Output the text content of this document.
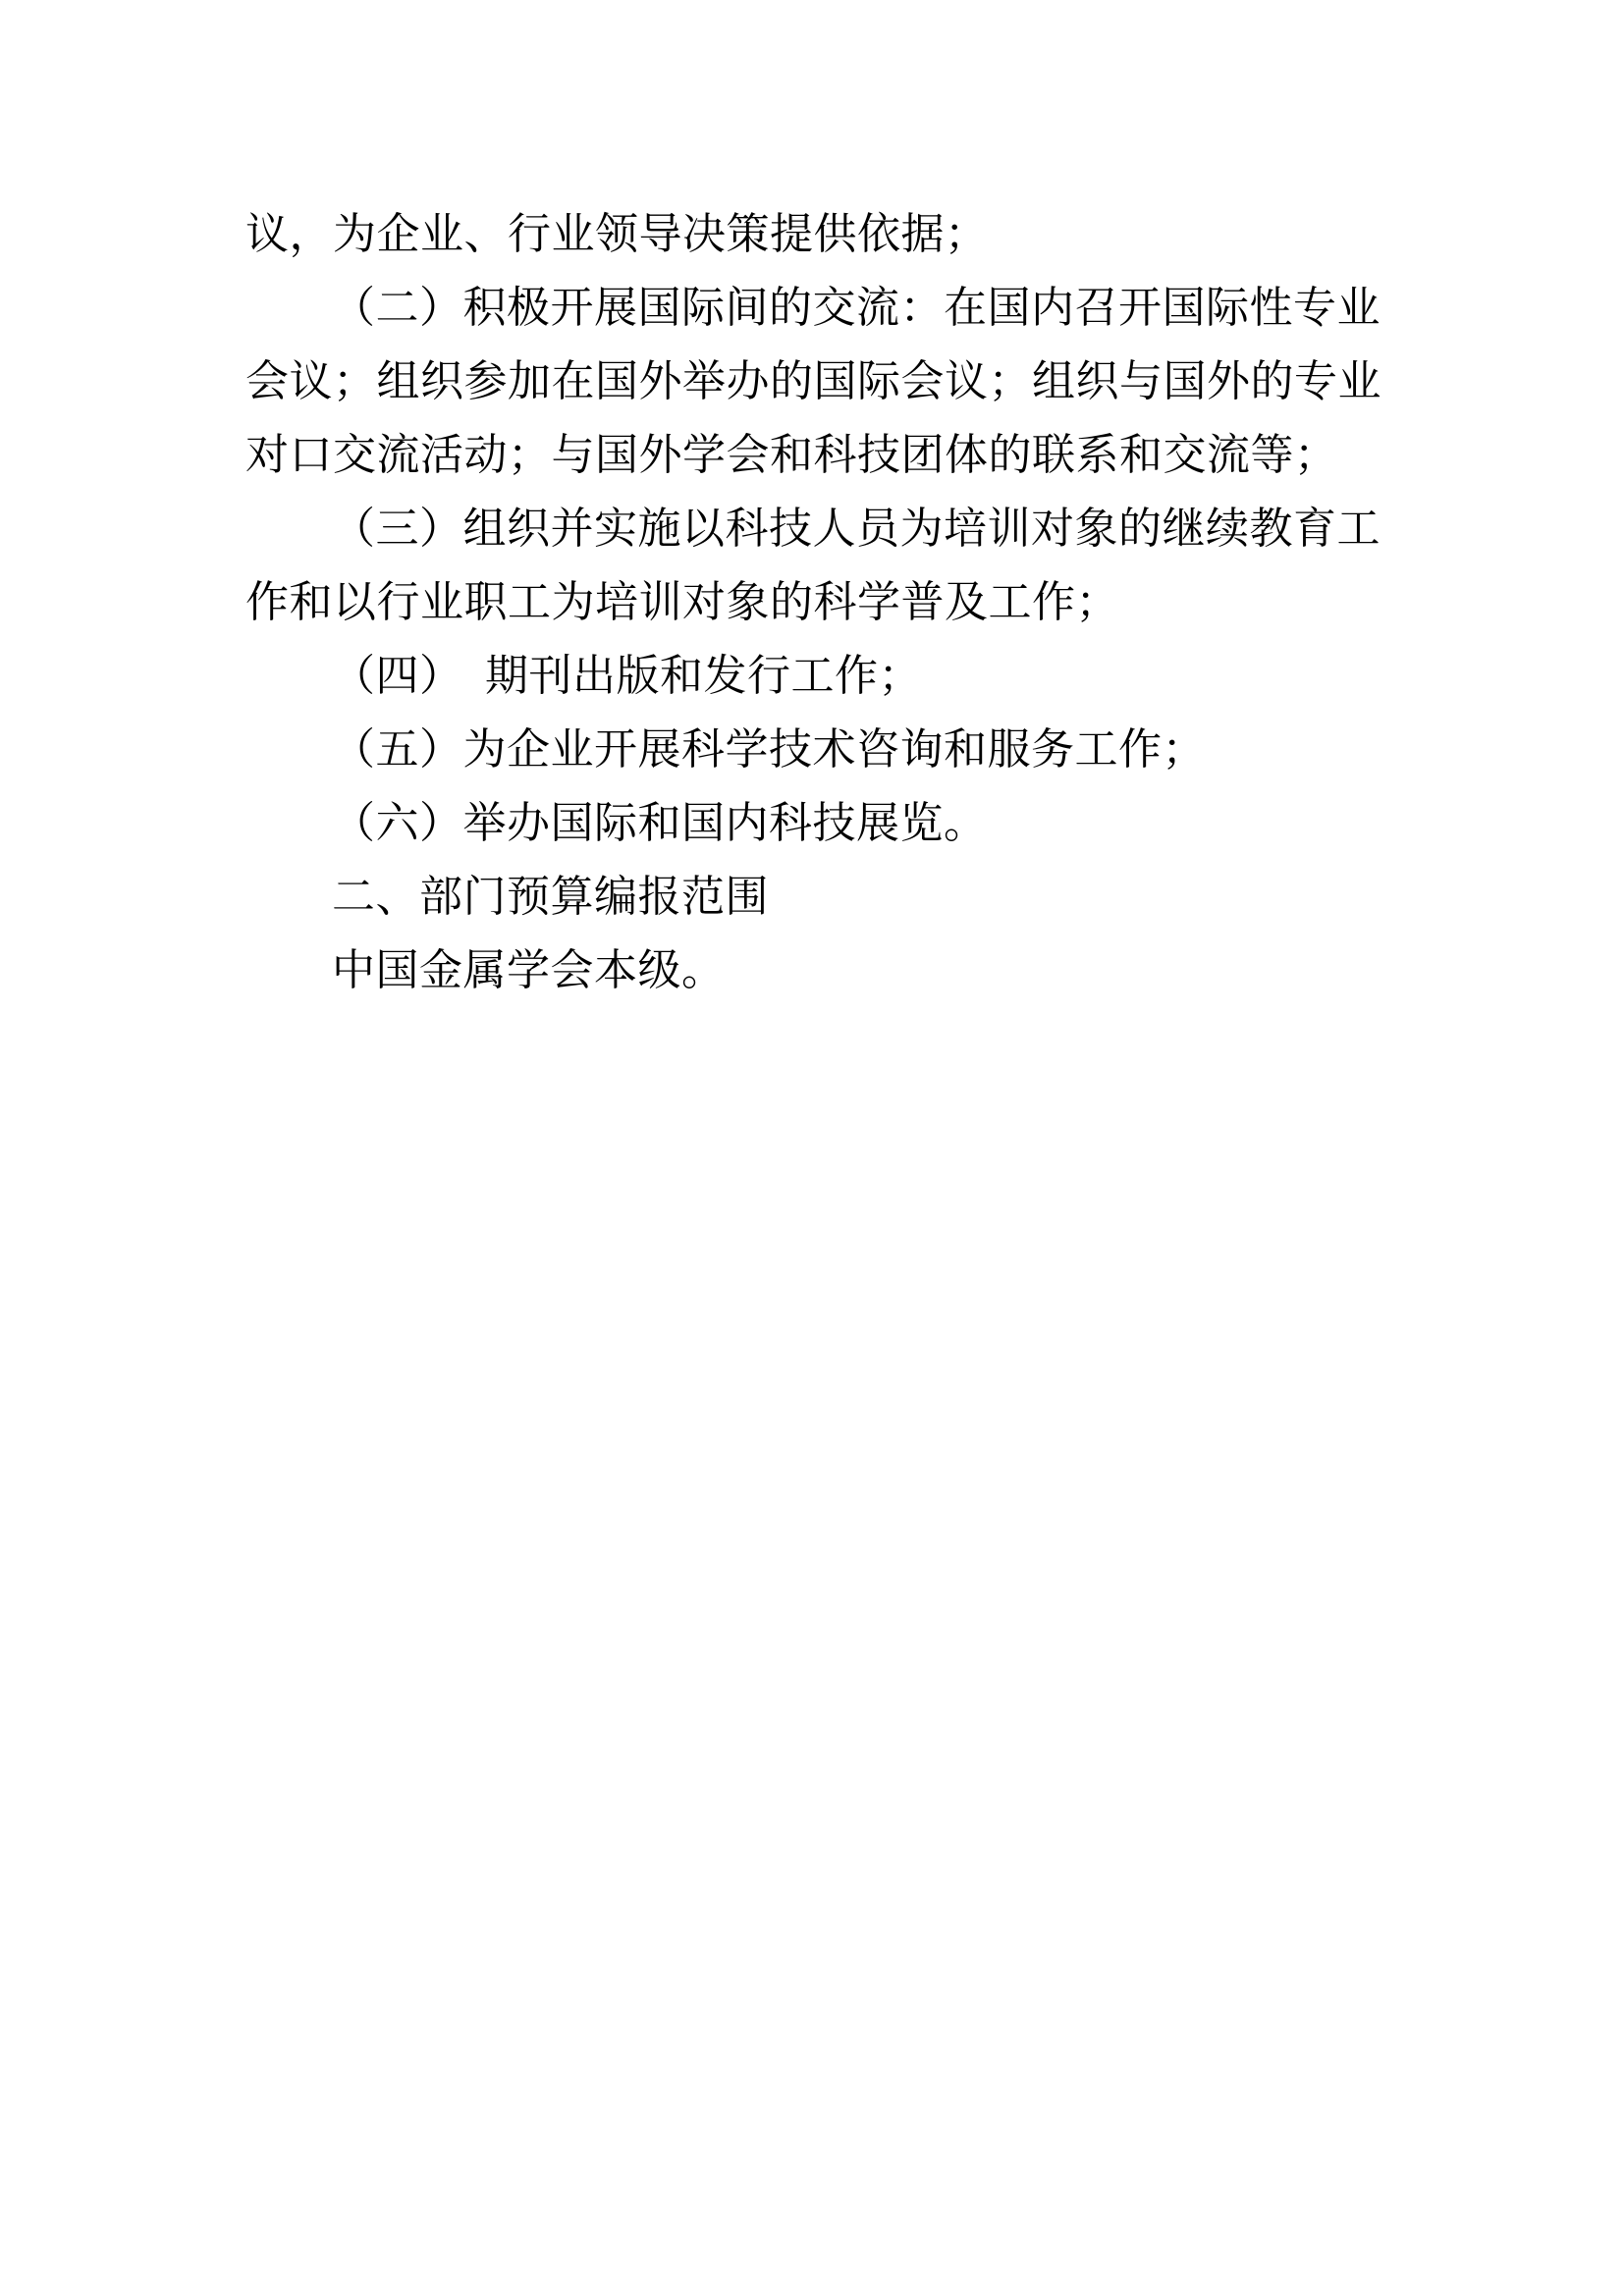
议，为企业、行业领导决策提供依据；
（二）积极开展国际间的交流：在国内召开国际性专业
会议；组织参加在国外举办的国际会议；组织与国外的专业
对口交流活动；与国外学会和科技团体的联系和交流等；
（三）组织并实施以科技人员为培训对象的继续教育工
作和以行业职工为培训对象的科学普及工作；
（四）　期刊出版和发行工作；
（五）为企业开展科学技术咨询和服务工作；
（六）举办国际和国内科技展览。
二、部门预算编报范围
中国金属学会本级。
